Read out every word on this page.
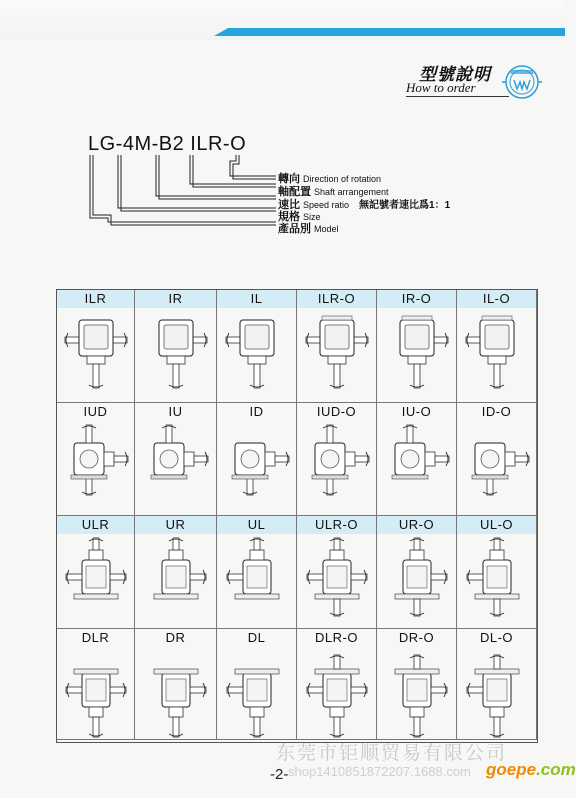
型號說明
How to order
LG-4M-B2 ILR-O
轉向 Direction of rotation
軸配置 Shaft arrangement
速比 Speed ratio 無記號者速比爲1：1
規格 Size
產品別 Model
ILR	IR	IL	ILR-O	IR-O	IL-O
IUD	IU	ID	IUD-O	IU-O	ID-O
ULR	UR	UL	ULR-O	UR-O	UL-O
DLR	DR	DL	DLR-O	DR-O	DL-O
东莞市钜顺贸易有限公司
-2- shop1410851872207.1688.com goepe.com
